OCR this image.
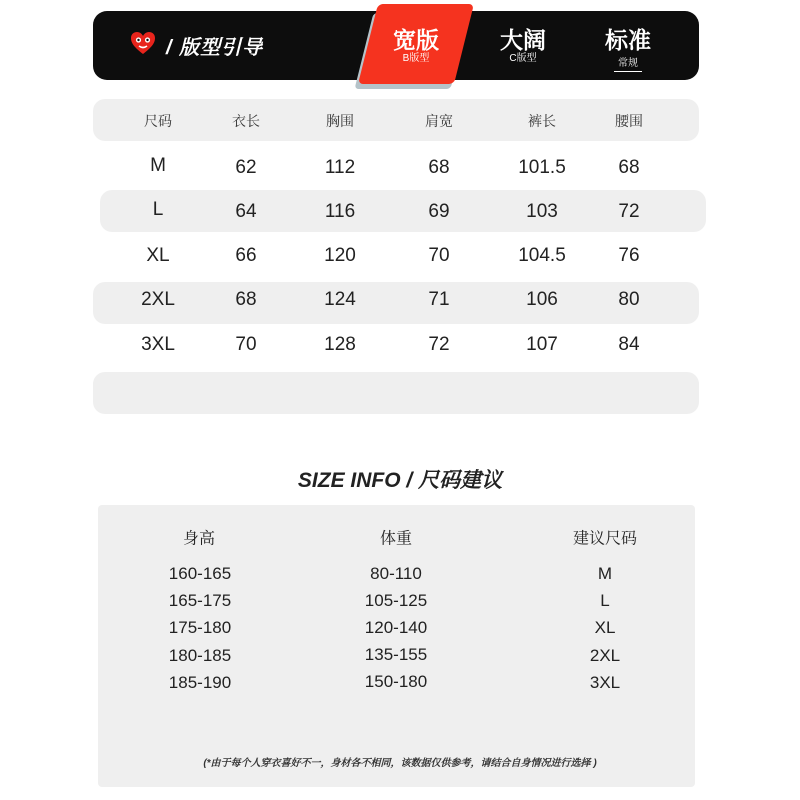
/ 版型引导	宽版
B版型
大阔
C版型
标准
常规
尺码	衣长	胸围	肩宽	裤长	腰围
M	62	112	68	101.5	68
L	64	116	69	103	72
XL	66	120	70	104.5	76
2XL	68	124	71	106	80
3XL	70	128	72	107	84
SIZE INFO / 尺码建议
身高	体重	建议尺码
160-165	80-110	M
165-175	105-125	L
175-180	120-140	XL
180-185	135-155	2XL
185-190	150-180	3XL
(*由于每个人穿衣喜好不一，身材各不相同，该数据仅供参考，请结合自身情况进行选择 )
